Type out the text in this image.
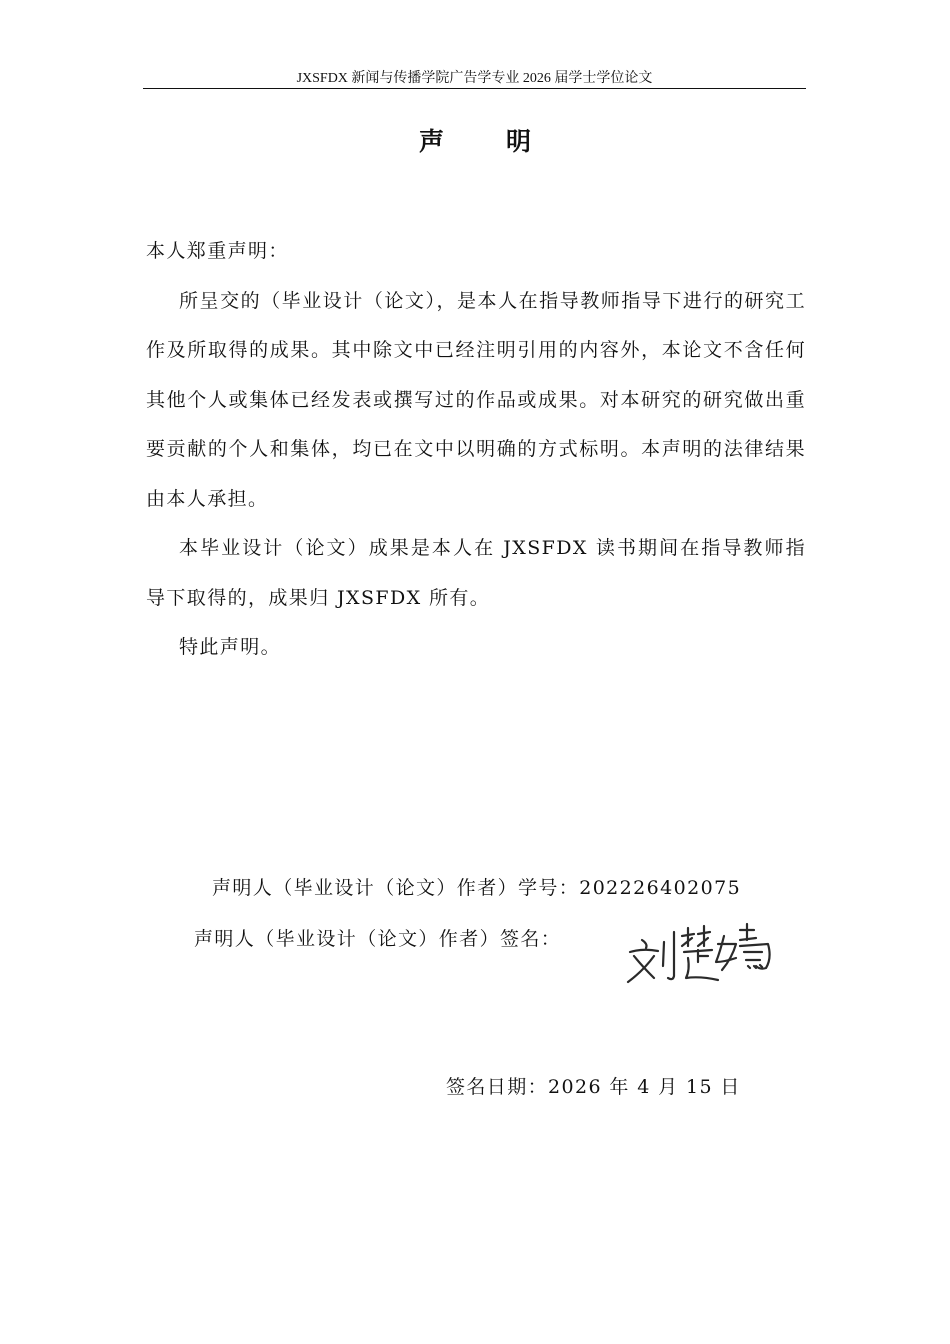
JXSFDX 新闻与传播学院广告学专业 2026 届学士学位论文
声明

本人郑重声明：

所呈交的（毕业设计（论文），是本人在指导教师指导下进行的研究工作及所取得的成果。其中除文中已经注明引用的内容外，本论文不含任何其他个人或集体已经发表或撰写过的作品或成果。对本研究的研究做出重要贡献的个人和集体，均已在文中以明确的方式标明。本声明的法律结果由本人承担。

本毕业设计（论文）成果是本人在 JXSFDX 读书期间在指导教师指导下取得的，成果归 JXSFDX 所有。

特此声明。

声明人（毕业设计（论文）作者）学号：202226402075
声明人（毕业设计（论文）作者）签名：
签名日期：2026 年 4 月 15 日
